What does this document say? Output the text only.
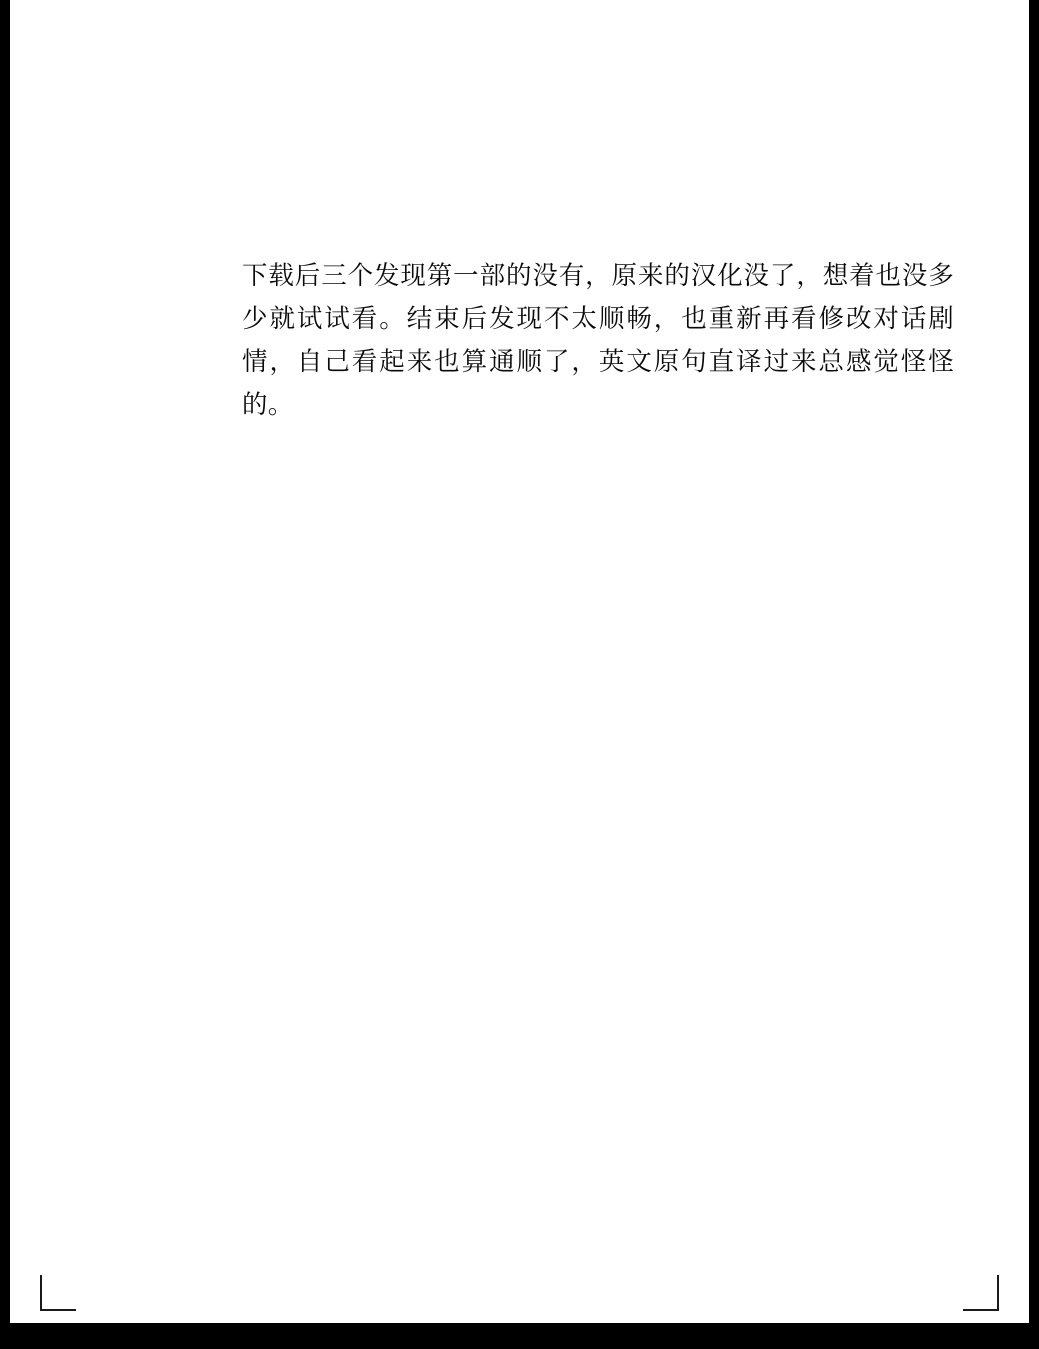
下载后三个发现第一部的没有，原来的汉化没了，想着也没多少就试试看。结束后发现不太顺畅，也重新再看修改对话剧情，自己看起来也算通顺了，英文原句直译过来总感觉怪怪的。
